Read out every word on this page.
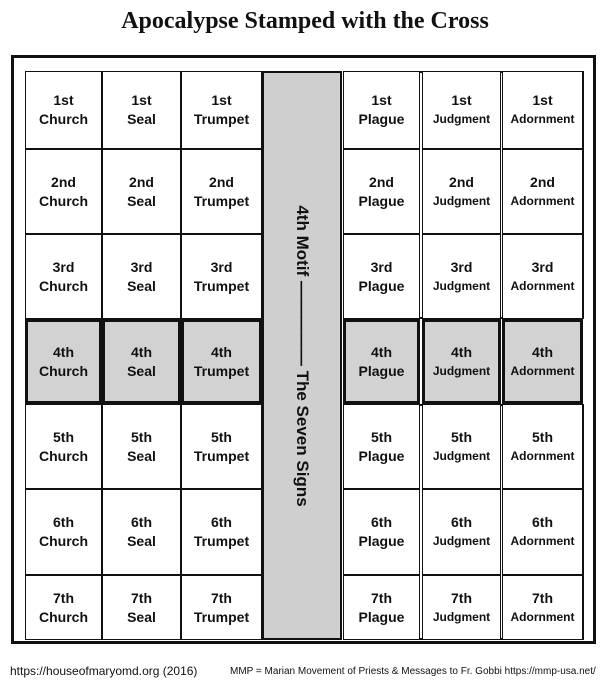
Apocalypse Stamped with the Cross
1st
Church
2nd
Church
3rd
Church
4th
Church
5th
Church
6th
Church
7th
Church
1st
Seal
2nd
Seal
3rd
Seal
4th
Seal
5th
Seal
6th
Seal
7th
Seal
1st
Trumpet
2nd
Trumpet
3rd
Trumpet
4th
Trumpet
5th
Trumpet
6th
Trumpet
7th
Trumpet
1st
Plague
2nd
Plague
3rd
Plague
4th
Plague
5th
Plague
6th
Plague
7th
Plague
1st
Judgment
2nd
Judgment
3rd
Judgment
4th
Judgment
5th
Judgment
6th
Judgment
7th
Judgment
1st
Adornment
2nd
Adornment
3rd
Adornment
4th
Adornment
5th
Adornment
6th
Adornment
7th
Adornment
4th Motif ————— The Seven Signs
https://houseofmaryomd.org (2016)	MMP = Marian Movement of Priests & Messages to Fr. Gobbi https://mmp-usa.net/
